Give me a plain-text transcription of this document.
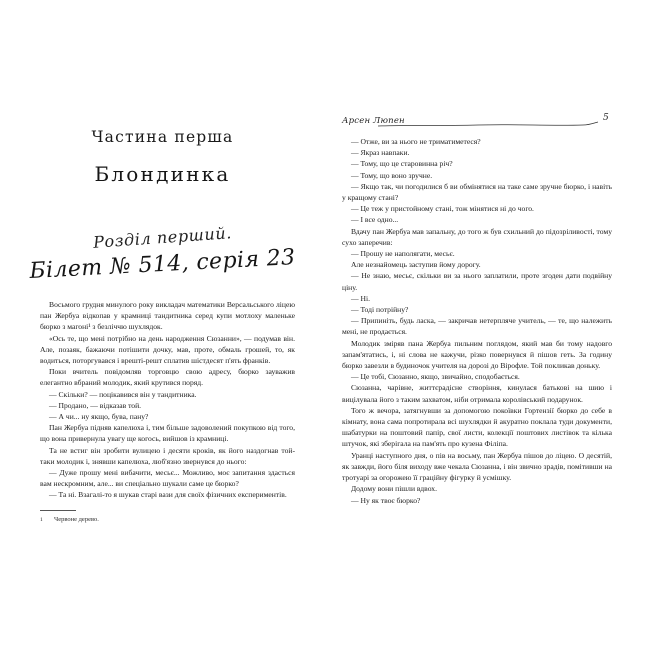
Частина перша
Блондинка
Розділ перший.
Білет № 514, серія 23

Восьмого грудня минулого року викладач математики Версальського ліцею пан Жербуа відкопав у крамниці тандитника серед купи мотлоху маленьке бюрко з магоні¹ з безліччю шухлядок.

«Ось те, що мені потрібно на день народження Сюзанни», — подумав він. Але, позаяк, бажаючи потішити дочку, мав, проте, обмаль грошей, то, як водиться, поторгувався і врешті-решт сплатив шістдесят п'ять франків.

Поки вчитель повідомляв торговцю свою адресу, бюрко зауважив елегантно вбраний молодик, який крутився поряд.

— Скільки? — поцікавився він у тандитника.

— Продано, — відказав той.

— А чи... ну якщо, бува, пану?

Пан Жербуа підняв капелюха і, тим більше задоволений покупкою від того, що вона привернула увагу ще когось, вийшов із крамниці.

Та не встиг він зробити вулицею і десяти кроків, як його наздогнав той-таки молодик і, знявши капелюха, люб'язно звернувся до нього:

— Дуже прошу мені вибачити, месьє... Можливо, моє запитання здасться вам нескромним, але... ви спеціально шукали саме це бюрко?

— Та ні. Взагалі-то я шукав старі вази для своїх фізичних експериментів.

1 Червоне дерево.
Арсен Люпен	5

— Отже, ви за нього не триматиметеся?

— Якраз навпаки.

— Тому, що це старовинна річ?

— Тому, що воно зручне.

— Якщо так, чи погодилися б ви обмінятися на таке саме зручне бюрко, і навіть у кращому стані?

— Це теж у пристойному стані, тож мінятися ні до чого.

— І все одно...

Вдачу пан Жербуа мав запальну, до того ж був схильний до підозріливості, тому сухо заперечив:

— Прошу не наполягати, месьє.

Але незнайомець заступив йому дорогу.

— Не знаю, месьє, скільки ви за нього заплатили, проте згоден дати подвійну ціну.

— Ні.

— Тоді потрійну?

— Припиніть, будь ласка, — закричав нетерпляче учитель, — те, що належить мені, не продається.

Молодик зміряв пана Жербуа пильним поглядом, який мав би тому надовго запам'ятатись, і, ні слова не кажучи, різко повернувся й пішов геть. За годину бюрко завезли в будиночок учителя на дорозі до Вірофле. Той покликав доньку.

— Це тобі, Сюзанно, якщо, звичайно, сподобається.

Сюзанна, чарівне, життєрадісне створіння, кинулася батькові на шию і вицілувала його з таким захватом, ніби отримала королівський подарунок.

Того ж вечора, затягнувши за допомогою покоївки Гортензії бюрко до себе в кімнату, вона сама попротирала всі шухлядки й акуратно поклала туди документи, шабатурки на поштовий папір, свої листи, колекції поштових листівок та кілька штучок, які зберігала на пам'ять про кузена Філіпа.

Уранці наступного дня, о пів на восьму, пан Жербуа пішов до ліцею. О десятій, як завжди, його біля виходу вже чекала Сюзанна, і він звично зрадів, помітивши на тротуарі за огорожею її граційну фігурку й усмішку.

Додому вони пішли вдвох.

— Ну як твоє бюрко?
